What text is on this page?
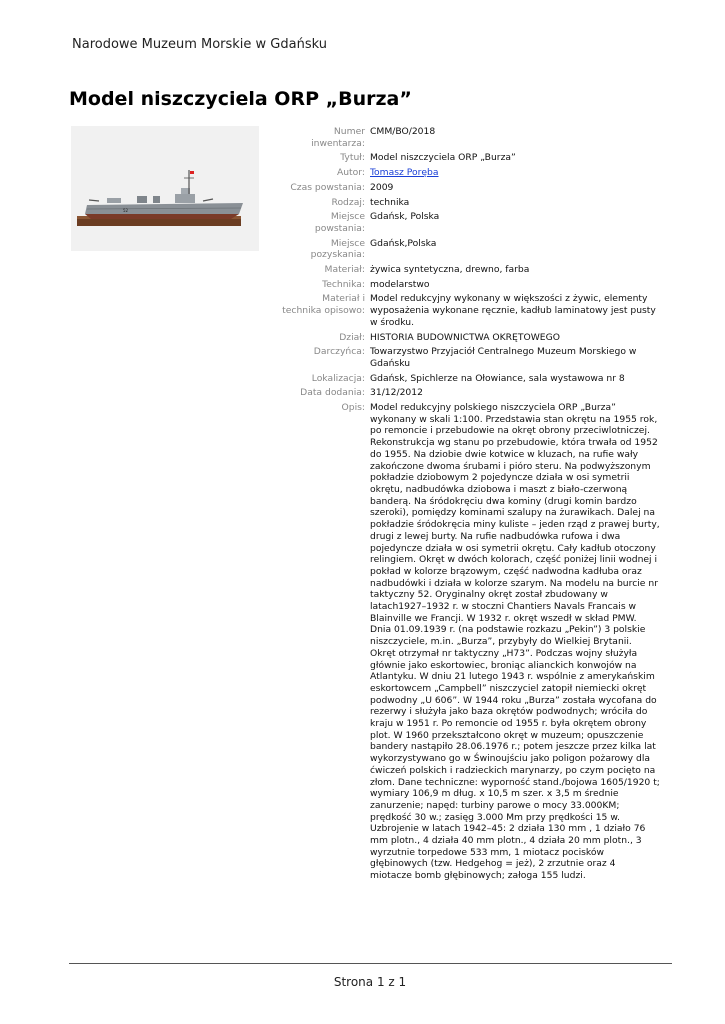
Narodowe Muzeum Morskie w Gdańsku
Model niszczyciela ORP „Burza”
52
Numer inwentarza:
CMM/BO/2018
Tytuł: Model niszczyciela ORP „Burza”
Autor: Tomasz Poręba
Czas powstania: 2009
Rodzaj: technika
Miejsce powstania:
Gdańsk, Polska
Miejsce pozyskania:
Gdańsk,Polska
Materiał: żywica syntetyczna, drewno, farba
Technika: modelarstwo
Materiał i technika opisowo:
Model redukcyjny wykonany w większości z żywic, elementy wyposażenia wykonane ręcznie, kadłub laminatowy jest pusty w środku.
Dział: HISTORIA BUDOWNICTWA OKRĘTOWEGO
Darczyńca: Towarzystwo Przyjaciół Centralnego Muzeum Morskiego w Gdańsku
Lokalizacja: Gdańsk, Spichlerze na Ołowiance, sala wystawowa nr 8
Data dodania: 31/12/2012
Opis: Model redukcyjny polskiego niszczyciela ORP „Burza” wykonany w skali 1:100. Przedstawia stan okrętu na 1955 rok, po remoncie i przebudowie na okręt obrony przeciwlotniczej. Rekonstrukcja wg stanu po przebudowie, która trwała od 1952 do 1955. Na dziobie dwie kotwice w kluzach, na rufie wały zakończone dwoma śrubami i pióro steru. Na podwyższonym pokładzie dziobowym 2 pojedyncze działa w osi symetrii okrętu, nadbudówka dziobowa i maszt z biało-czerwoną banderą. Na śródokręciu dwa kominy (drugi komin bardzo szeroki), pomiędzy kominami szalupy na żurawikach. Dalej na pokładzie śródokręcia miny kuliste – jeden rząd z prawej burty, drugi z lewej burty. Na rufie nadbudówka rufowa i dwa pojedyncze działa w osi symetrii okrętu. Cały kadłub otoczony relingiem. Okręt w dwóch kolorach, część poniżej linii wodnej i pokład w kolorze brązowym, część nadwodna kadłuba oraz nadbudówki i działa w kolorze szarym. Na modelu na burcie nr taktyczny 52. Oryginalny okręt został zbudowany w latach1927–1932 r. w stoczni Chantiers Navals Francais w Blainville we Francji. W 1932 r. okręt wszedł w skład PMW. Dnia 01.09.1939 r. (na podstawie rozkazu „Pekin”) 3 polskie niszczyciele, m.in. „Burza”, przybyły do Wielkiej Brytanii. Okręt otrzymał nr taktyczny „H73”. Podczas wojny służyła głównie jako eskortowiec, broniąc alianckich konwojów na Atlantyku. W dniu 21 lutego 1943 r. wspólnie z amerykańskim eskortowcem „Campbell” niszczyciel zatopił niemiecki okręt podwodny „U 606”. W 1944 roku „Burza” została wycofana do rezerwy i służyła jako baza okrętów podwodnych; wróciła do kraju w 1951 r. Po remoncie od 1955 r. była okrętem obrony plot. W 1960 przekształcono okręt w muzeum; opuszczenie bandery nastąpiło 28.06.1976 r.; potem jeszcze przez kilka lat wykorzystywano go w Świnoujściu jako poligon pożarowy dla ćwiczeń polskich i radzieckich marynarzy, po czym pocięto na złom. Dane techniczne: wyporność stand./bojowa 1605/1920 t; wymiary 106,9 m dług. x 10,5 m szer. x 3,5 m średnie zanurzenie; napęd: turbiny parowe o mocy 33.000KM; prędkość 30 w.; zasięg 3.000 Mm przy prędkości 15 w. Uzbrojenie w latach 1942–45: 2 działa 130 mm , 1 działo 76 mm plotn., 4 działa 40 mm plotn., 4 działa 20 mm plotn., 3 wyrzutnie torpedowe 533 mm, 1 miotacz pocisków głębinowych (tzw. Hedgehog = jeż), 2 zrzutnie oraz 4 miotacze bomb głębinowych; załoga 155 ludzi.
Strona 1 z 1
